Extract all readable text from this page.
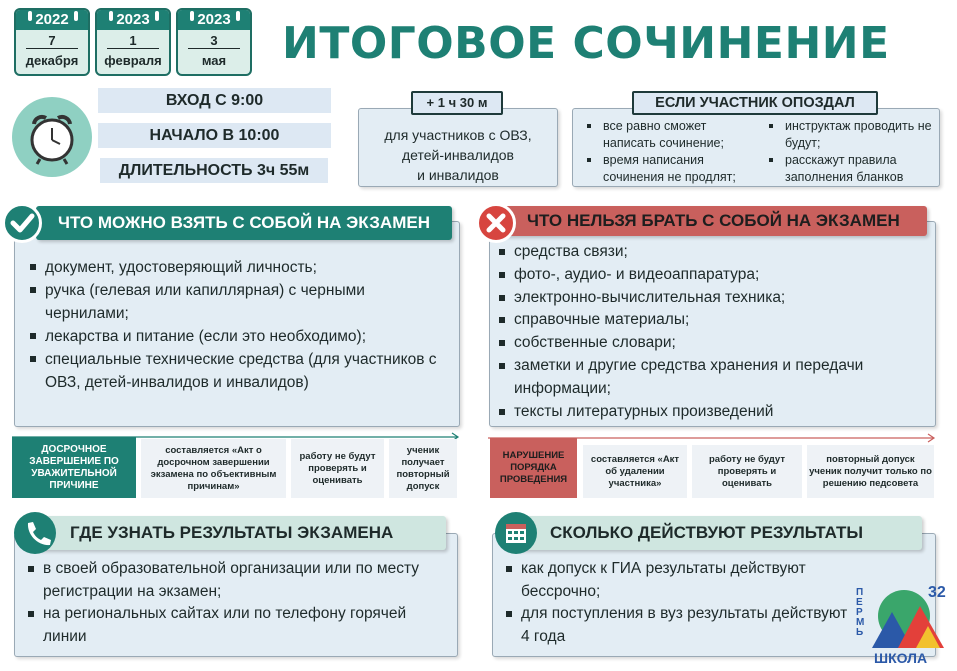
2022
7
декабря
2023
1
февраля
2023
3
мая	ИТОГОВОЕ СОЧИНЕНИЕ
ВХОД С 9:00
НАЧАЛО В 10:00
ДЛИТЕЛЬНОСТЬ 3ч 55м
для участников с ОВЗ,
детей-инвалидов
и инвалидов
+ 1 ч 30 м
все равно сможет написать сочинение;
время написания сочинения не продлят;
инструктаж проводить не будут;
расскажут правила заполнения бланков
ЕСЛИ УЧАСТНИК ОПОЗДАЛ
документ, удостоверяющий личность;
ручка (гелевая или капиллярная) с черными чернилами;
лекарства и питание (если это необходимо);
специальные технические средства (для участников с ОВЗ, детей-инвалидов и инвалидов)
ЧТО МОЖНО ВЗЯТЬ С СОБОЙ НА ЭКЗАМЕН
средства связи;
фото-, аудио- и видеоаппаратура;
электронно-вычислительная техника;
справочные материалы;
собственные словари;
заметки и другие средства хранения и передачи информации;
тексты литературных произведений
ЧТО НЕЛЬЗЯ БРАТЬ С СОБОЙ НА ЭКЗАМЕН
ДОСРОЧНОЕ ЗАВЕРШЕНИЕ ПО УВАЖИТЕЛЬНОЙ ПРИЧИНЕ
составляется «Акт о досрочном завершении экзамена по объективным причинам»
работу не будут проверять и оценивать
ученик получает повторный допуск
НАРУШЕНИЕ ПОРЯДКА ПРОВЕДЕНИЯ
составляется «Акт об удалении участника»
работу не будут проверять и оценивать
повторный допуск ученик получит только по решению педсовета
в своей образовательной организации или по месту регистрации на экзамен;
на региональных сайтах или по телефону горячей линии
ГДЕ УЗНАТЬ РЕЗУЛЬТАТЫ ЭКЗАМЕНА
как допуск к ГИА результаты действуют бессрочно;
для поступления в вуз результаты действуют 4 года
СКОЛЬКО ДЕЙСТВУЮТ РЕЗУЛЬТАТЫ
32
ПЕРМЬ
ШКОЛА
